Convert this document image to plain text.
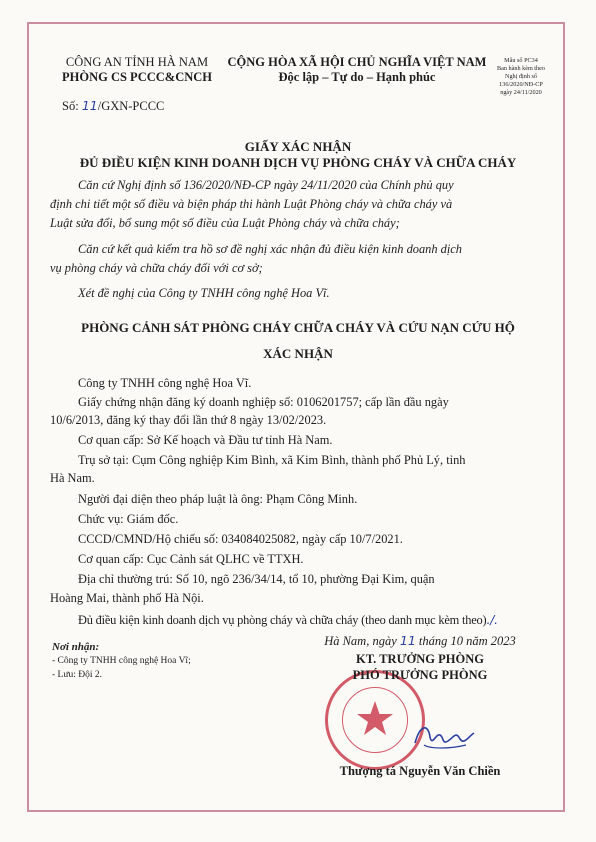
CÔNG AN TỈNH HÀ NAM
PHÒNG CS PCCC&CNCH
CỘNG HÒA XÃ HỘI CHỦ NGHĨA VIỆT NAM
Độc lập – Tự do – Hạnh phúc
Mẫu số PC34
Ban hành kèm theo
Nghị định số
136/2020/NĐ-CP
ngày 24/11/2020
Số: 11/GXN-PCCC
GIẤY XÁC NHẬN
ĐỦ ĐIỀU KIỆN KINH DOANH DỊCH VỤ PHÒNG CHÁY VÀ CHỮA CHÁY
Căn cứ Nghị định số 136/2020/NĐ-CP ngày 24/11/2020 của Chính phủ quy
định chi tiết một số điều và biện pháp thi hành Luật Phòng cháy và chữa cháy và
Luật sửa đổi, bổ sung một số điều của Luật Phòng cháy và chữa cháy;
Căn cứ kết quả kiểm tra hồ sơ đề nghị xác nhận đủ điều kiện kinh doanh dịch
vụ phòng cháy và chữa cháy đối với cơ sở;
Xét đề nghị của Công ty TNHH công nghệ Hoa Vĩ.
PHÒNG CẢNH SÁT PHÒNG CHÁY CHỮA CHÁY VÀ CỨU NẠN CỨU HỘ
XÁC NHẬN
Công ty TNHH công nghệ Hoa Vĩ.
Giấy chứng nhận đăng ký doanh nghiệp số: 0106201757; cấp lần đầu ngày
10/6/2013, đăng ký thay đổi lần thứ 8 ngày 13/02/2023.
Cơ quan cấp: Sở Kế hoạch và Đầu tư tỉnh Hà Nam.
Trụ sở tại: Cụm Công nghiệp Kim Bình, xã Kim Bình, thành phố Phủ Lý, tỉnh
Hà Nam.
Người đại diện theo pháp luật là ông: Phạm Công Minh.
Chức vụ: Giám đốc.
CCCD/CMND/Hộ chiếu số: 034084025082, ngày cấp 10/7/2021.
Cơ quan cấp: Cục Cảnh sát QLHC về TTXH.
Địa chỉ thường trú: Số 10, ngõ 236/34/14, tổ 10, phường Đại Kim, quận
Hoàng Mai, thành phố Hà Nội.
Đủ điều kiện kinh doanh dịch vụ phòng cháy và chữa cháy (theo danh mục kèm theo)./.
Nơi nhận:
- Công ty TNHH công nghệ Hoa Vĩ;
- Lưu: Đội 2.
Hà Nam, ngày 11 tháng 10 năm 2023
KT. TRƯỞNG PHÒNG
PHÓ TRƯỞNG PHÒNG
Thượng tá Nguyễn Văn Chiền
